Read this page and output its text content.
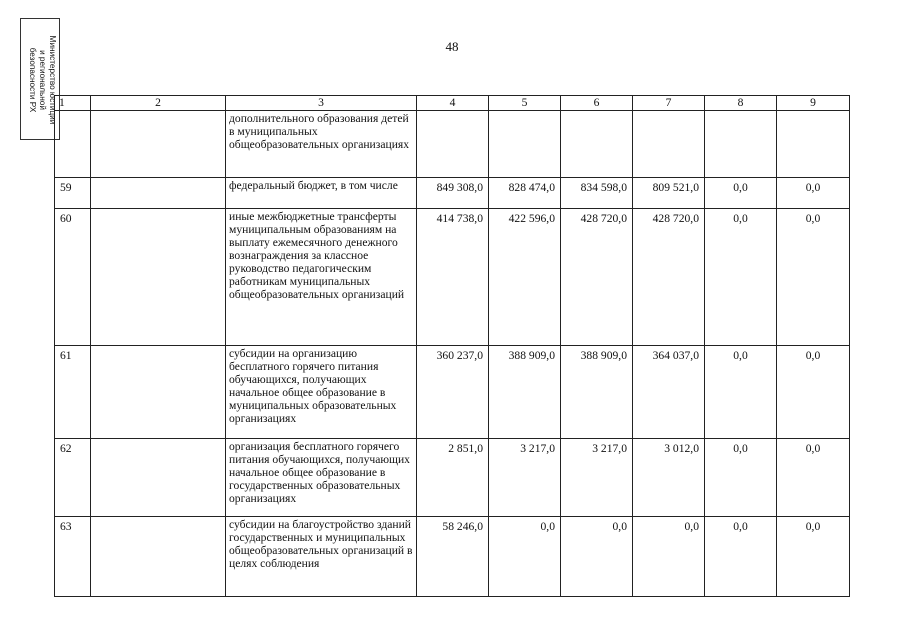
Министерство юстиции
и региональной
безопасности РХ
48
1	2	3	4	5	6	7	8	9
		дополнительного образования детей в муниципальных общеобразовательных организациях						
59		федеральный бюджет, в том числе	849 308,0	828 474,0	834 598,0	809 521,0	0,0	0,0
60		иные межбюджетные трансферты муниципальным образованиям на выплату ежемесячного денежного вознаграждения за классное руководство педагогическим работникам муниципальных общеобразовательных организаций	414 738,0	422 596,0	428 720,0	428 720,0	0,0	0,0
61		субсидии на организацию бесплатного горячего питания обучающихся, получающих начальное общее образование в муниципальных образовательных организациях	360 237,0	388 909,0	388 909,0	364 037,0	0,0	0,0
62		организация бесплатного горячего питания обучающихся, получающих начальное общее образование в государственных образовательных организациях	2 851,0	3 217,0	3 217,0	3 012,0	0,0	0,0
63		субсидии на благоустройство зданий государственных и муниципальных общеобразовательных организаций в целях соблюдения	58 246,0	0,0	0,0	0,0	0,0	0,0
